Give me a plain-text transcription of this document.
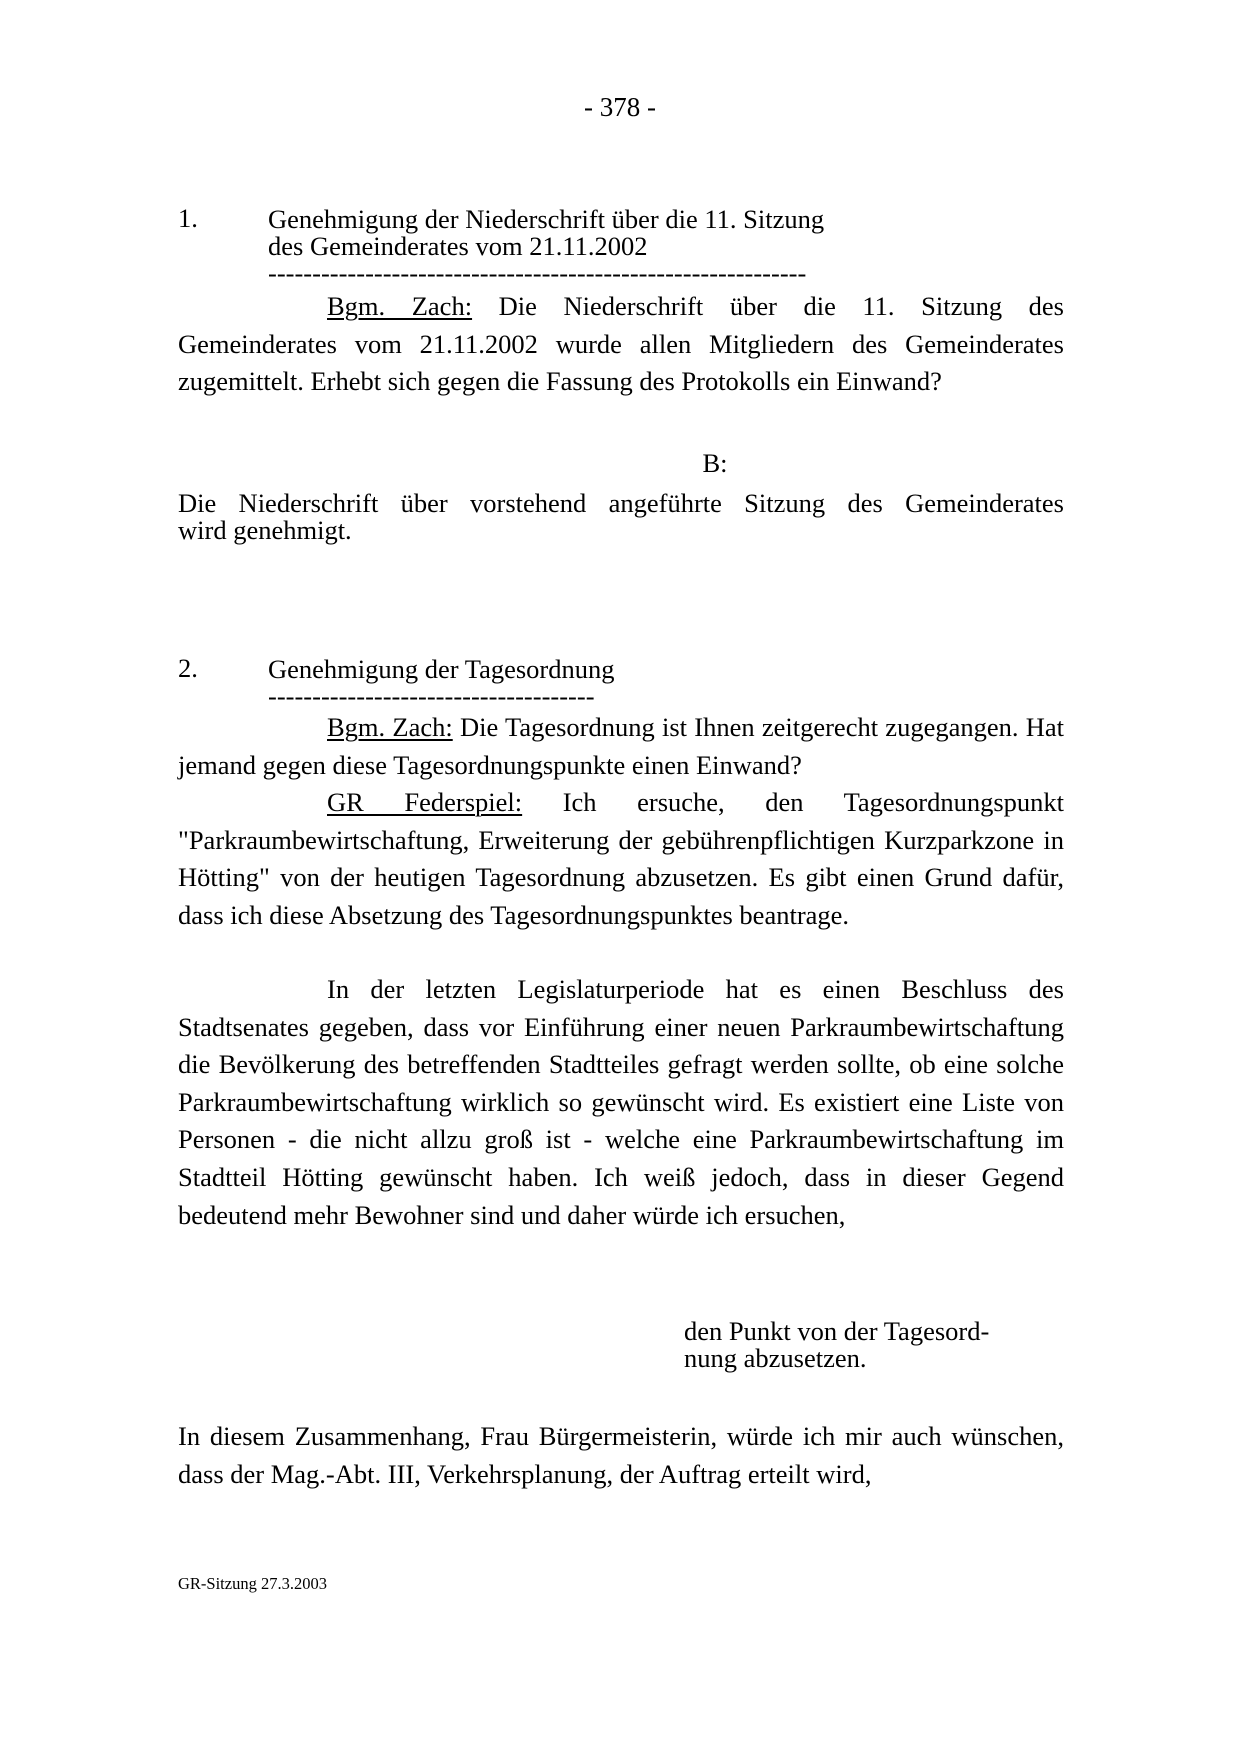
- 378 -
1.	Genehmigung der Niederschrift über die 11. Sitzung
des Gemeinderates vom 21.11.2002
-------------------------------------------------------------
Bgm. Zach: Die Niederschrift über die 11. Sitzung des Gemeinderates vom 21.11.2002 wurde allen Mitgliedern des Gemeinderates zugemittelt. Erhebt sich gegen die Fassung des Protokolls ein Einwand?
B:
Die Niederschrift über vorstehend angeführte Sitzung des Gemeinderates
wird genehmigt.
2.	Genehmigung der Tagesordnung
-------------------------------------
Bgm. Zach: Die Tagesordnung ist Ihnen zeitgerecht zugegangen. Hat jemand gegen diese Tagesordnungspunkte einen Einwand?
GR Federspiel: Ich ersuche, den Tagesordnungspunkt "Parkraumbewirtschaftung, Erweiterung der gebührenpflichtigen Kurzparkzone in Hötting" von der heutigen Tagesordnung abzusetzen. Es gibt einen Grund dafür, dass ich diese Absetzung des Tagesordnungspunktes beantrage.
In der letzten Legislaturperiode hat es einen Beschluss des Stadtsenates gegeben, dass vor Einführung einer neuen Parkraumbewirtschaftung die Bevölkerung des betreffenden Stadtteiles gefragt werden sollte, ob eine solche Parkraumbewirtschaftung wirklich so gewünscht wird. Es existiert eine Liste von Personen - die nicht allzu groß ist - welche eine Parkraumbewirtschaftung im Stadtteil Hötting gewünscht haben. Ich weiß jedoch, dass in dieser Gegend bedeutend mehr Bewohner sind und daher würde ich ersuchen,
den Punkt von der Tagesord-
nung abzusetzen.
In diesem Zusammenhang, Frau Bürgermeisterin, würde ich mir auch wünschen, dass der Mag.-Abt. III, Verkehrsplanung, der Auftrag erteilt wird,
GR-Sitzung 27.3.2003
